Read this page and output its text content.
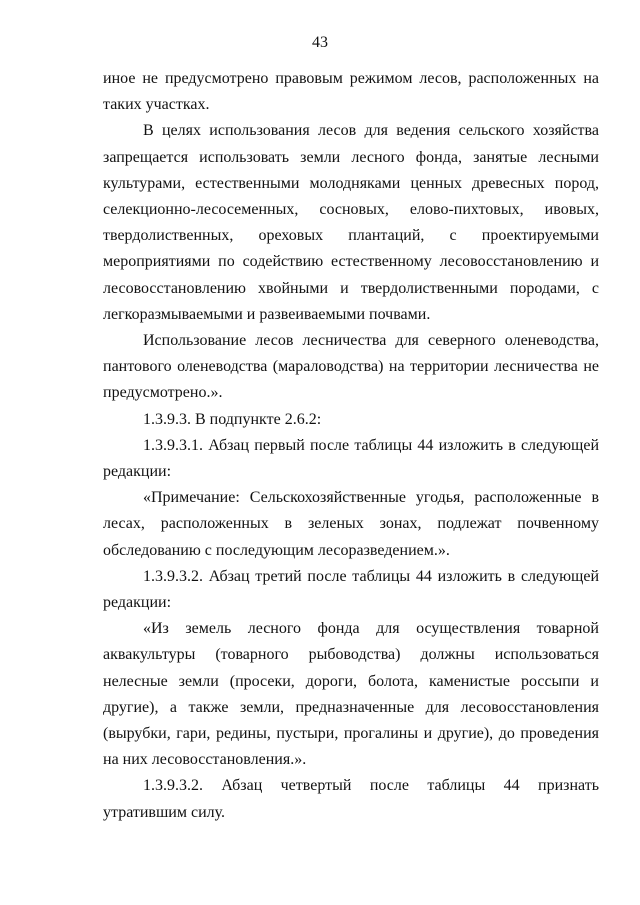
43

иное не предусмотрено правовым режимом лесов, расположенных на таких участках.

В целях использования лесов для ведения сельского хозяйства запрещается использовать земли лесного фонда, занятые лесными культурами, естественными молодняками ценных древесных пород, селекционно-лесосеменных, сосновых, елово-пихтовых, ивовых, твердолиственных, ореховых плантаций, с проектируемыми мероприятиями по содействию естественному лесовосстановлению и лесовосстановлению хвойными и твердолиственными породами, с легкоразмываемыми и развеиваемыми почвами.

Использование лесов лесничества для северного оленеводства, пантового оленеводства (мараловодства) на территории лесничества не предусмотрено.».

1.3.9.3. В подпункте 2.6.2:

1.3.9.3.1. Абзац первый после таблицы 44 изложить в следующей редакции:

«Примечание: Сельскохозяйственные угодья, расположенные в лесах, расположенных в зеленых зонах, подлежат почвенному обследованию с последующим лесоразведением.».

1.3.9.3.2. Абзац третий после таблицы 44 изложить в следующей редакции:

«Из земель лесного фонда для осуществления товарной аквакультуры (товарного рыбоводства) должны использоваться нелесные земли (просеки, дороги, болота, каменистые россыпи и другие), а также земли, предназначенные для лесовосстановления (вырубки, гари, редины, пустыри, прогалины и другие), до проведения на них лесовосстановления.».

1.3.9.3.2. Абзац четвертый после таблицы 44 признать утратившим силу.
